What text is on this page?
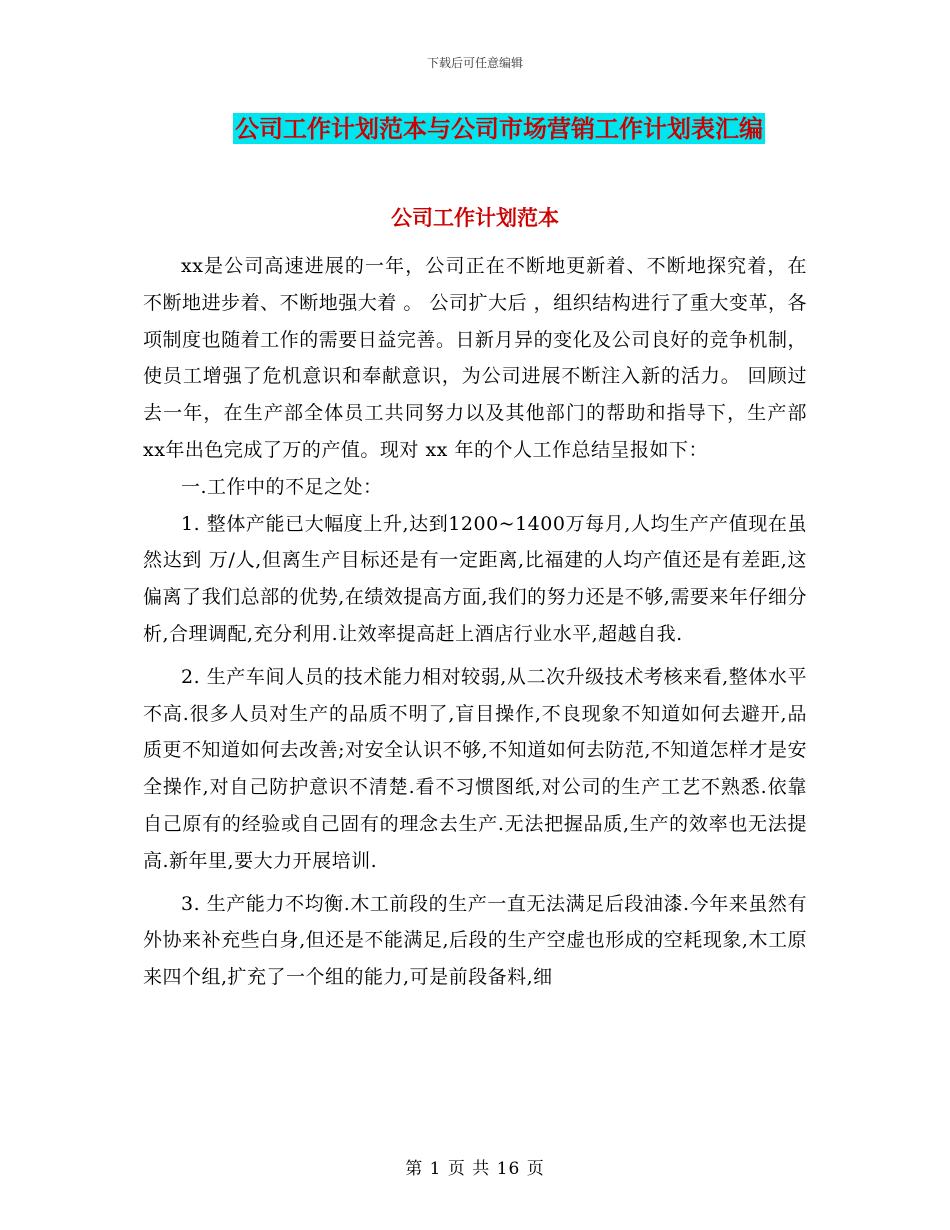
下载后可任意编辑
公司工作计划范本与公司市场营销工作计划表汇编
公司工作计划范本

xx是公司高速进展的一年，公司正在不断地更新着、不断地探究着，在不断地进步着、不断地强大着 。 公司扩大后 ，组织结构进行了重大变革，各项制度也随着工作的需要日益完善。日新月异的变化及公司良好的竞争机制，使员工增强了危机意识和奉献意识，为公司进展不断注入新的活力。 回顾过去一年，在生产部全体员工共同努力以及其他部门的帮助和指导下，生产部xx年出色完成了万的产值。现对 xx 年的个人工作总结呈报如下：

一.工作中的不足之处：

1. 整体产能已大幅度上升,达到1200~1400万每月,人均生产产值现在虽然达到 万/人,但离生产目标还是有一定距离,比福建的人均产值还是有差距,这偏离了我们总部的优势,在绩效提高方面,我们的努力还是不够,需要来年仔细分析,合理调配,充分利用.让效率提高赶上酒店行业水平,超越自我.

2. 生产车间人员的技术能力相对较弱,从二次升级技术考核来看,整体水平不高.很多人员对生产的品质不明了,盲目操作,不良现象不知道如何去避开,品质更不知道如何去改善;对安全认识不够,不知道如何去防范,不知道怎样才是安全操作,对自己防护意识不清楚.看不习惯图纸,对公司的生产工艺不熟悉.依靠自己原有的经验或自己固有的理念去生产.无法把握品质,生产的效率也无法提高.新年里,要大力开展培训.

3. 生产能力不均衡.木工前段的生产一直无法满足后段油漆.今年来虽然有外协来补充些白身,但还是不能满足,后段的生产空虚也形成的空耗现象,木工原来四个组,扩充了一个组的能力,可是前段备料,细

第 1 页 共 16 页
